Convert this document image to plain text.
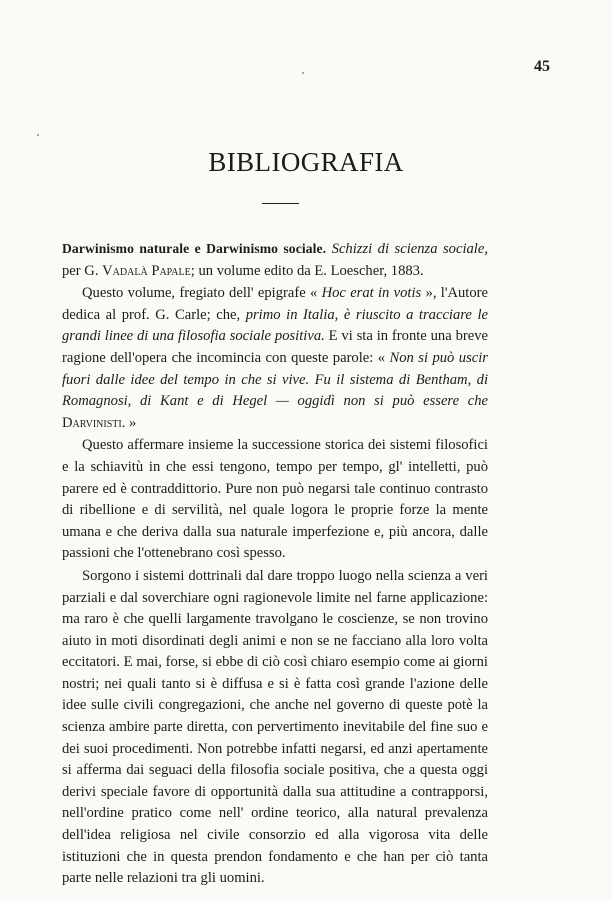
45
BIBLIOGRAFIA

Darwinismo naturale e Darwinismo sociale. Schizzi di scienza sociale, per G. Vadalà Papale; un volume edito da E. Loescher, 1883.

Questo volume, fregiato dell' epigrafe « Hoc erat in votis », l'Autore dedica al prof. G. Carle; che, primo in Italia, è riuscito a tracciare le grandi linee di una filosofia sociale positiva. E vi sta in fronte una breve ragione dell'opera che incomincia con queste parole: « Non si può uscir fuori dalle idee del tempo in che si vive. Fu il sistema di Bentham, di Romagnosi, di Kant e di Hegel — oggidì non si può essere che Darvinisti. »

Questo affermare insieme la successione storica dei sistemi filosofici e la schiavitù in che essi tengono, tempo per tempo, gl' intelletti, può parere ed è contraddittorio. Pure non può negarsi tale continuo contrasto di ribellione e di servilità, nel quale logora le proprie forze la mente umana e che deriva dalla sua naturale imperfezione e, più ancora, dalle passioni che l'ottenebrano così spesso.

Sorgono i sistemi dottrinali dal dare troppo luogo nella scienza a veri parziali e dal soverchiare ogni ragionevole limite nel farne applicazione: ma raro è che quelli largamente travolgano le coscienze, se non trovino aiuto in moti disordinati degli animi e non se ne facciano alla loro volta eccitatori. E mai, forse, si ebbe di ciò così chiaro esempio come ai giorni nostri; nei quali tanto si è diffusa e si è fatta così grande l'azione delle idee sulle civili congregazioni, che anche nel governo di queste potè la scienza ambire parte diretta, con pervertimento inevitabile del fine suo e dei suoi procedimenti. Non potrebbe infatti negarsi, ed anzi apertamente si afferma dai seguaci della filosofia sociale positiva, che a questa oggi derivi speciale favore di opportunità dalla sua attitudine a contrapporsi, nell'ordine pratico come nell' ordine teorico, alla natural prevalenza dell'idea religiosa nel civile consorzio ed alla vigorosa vita delle istituzioni che in questa prendon fondamento e che han per ciò tanta parte nelle relazioni tra gli uomini.
